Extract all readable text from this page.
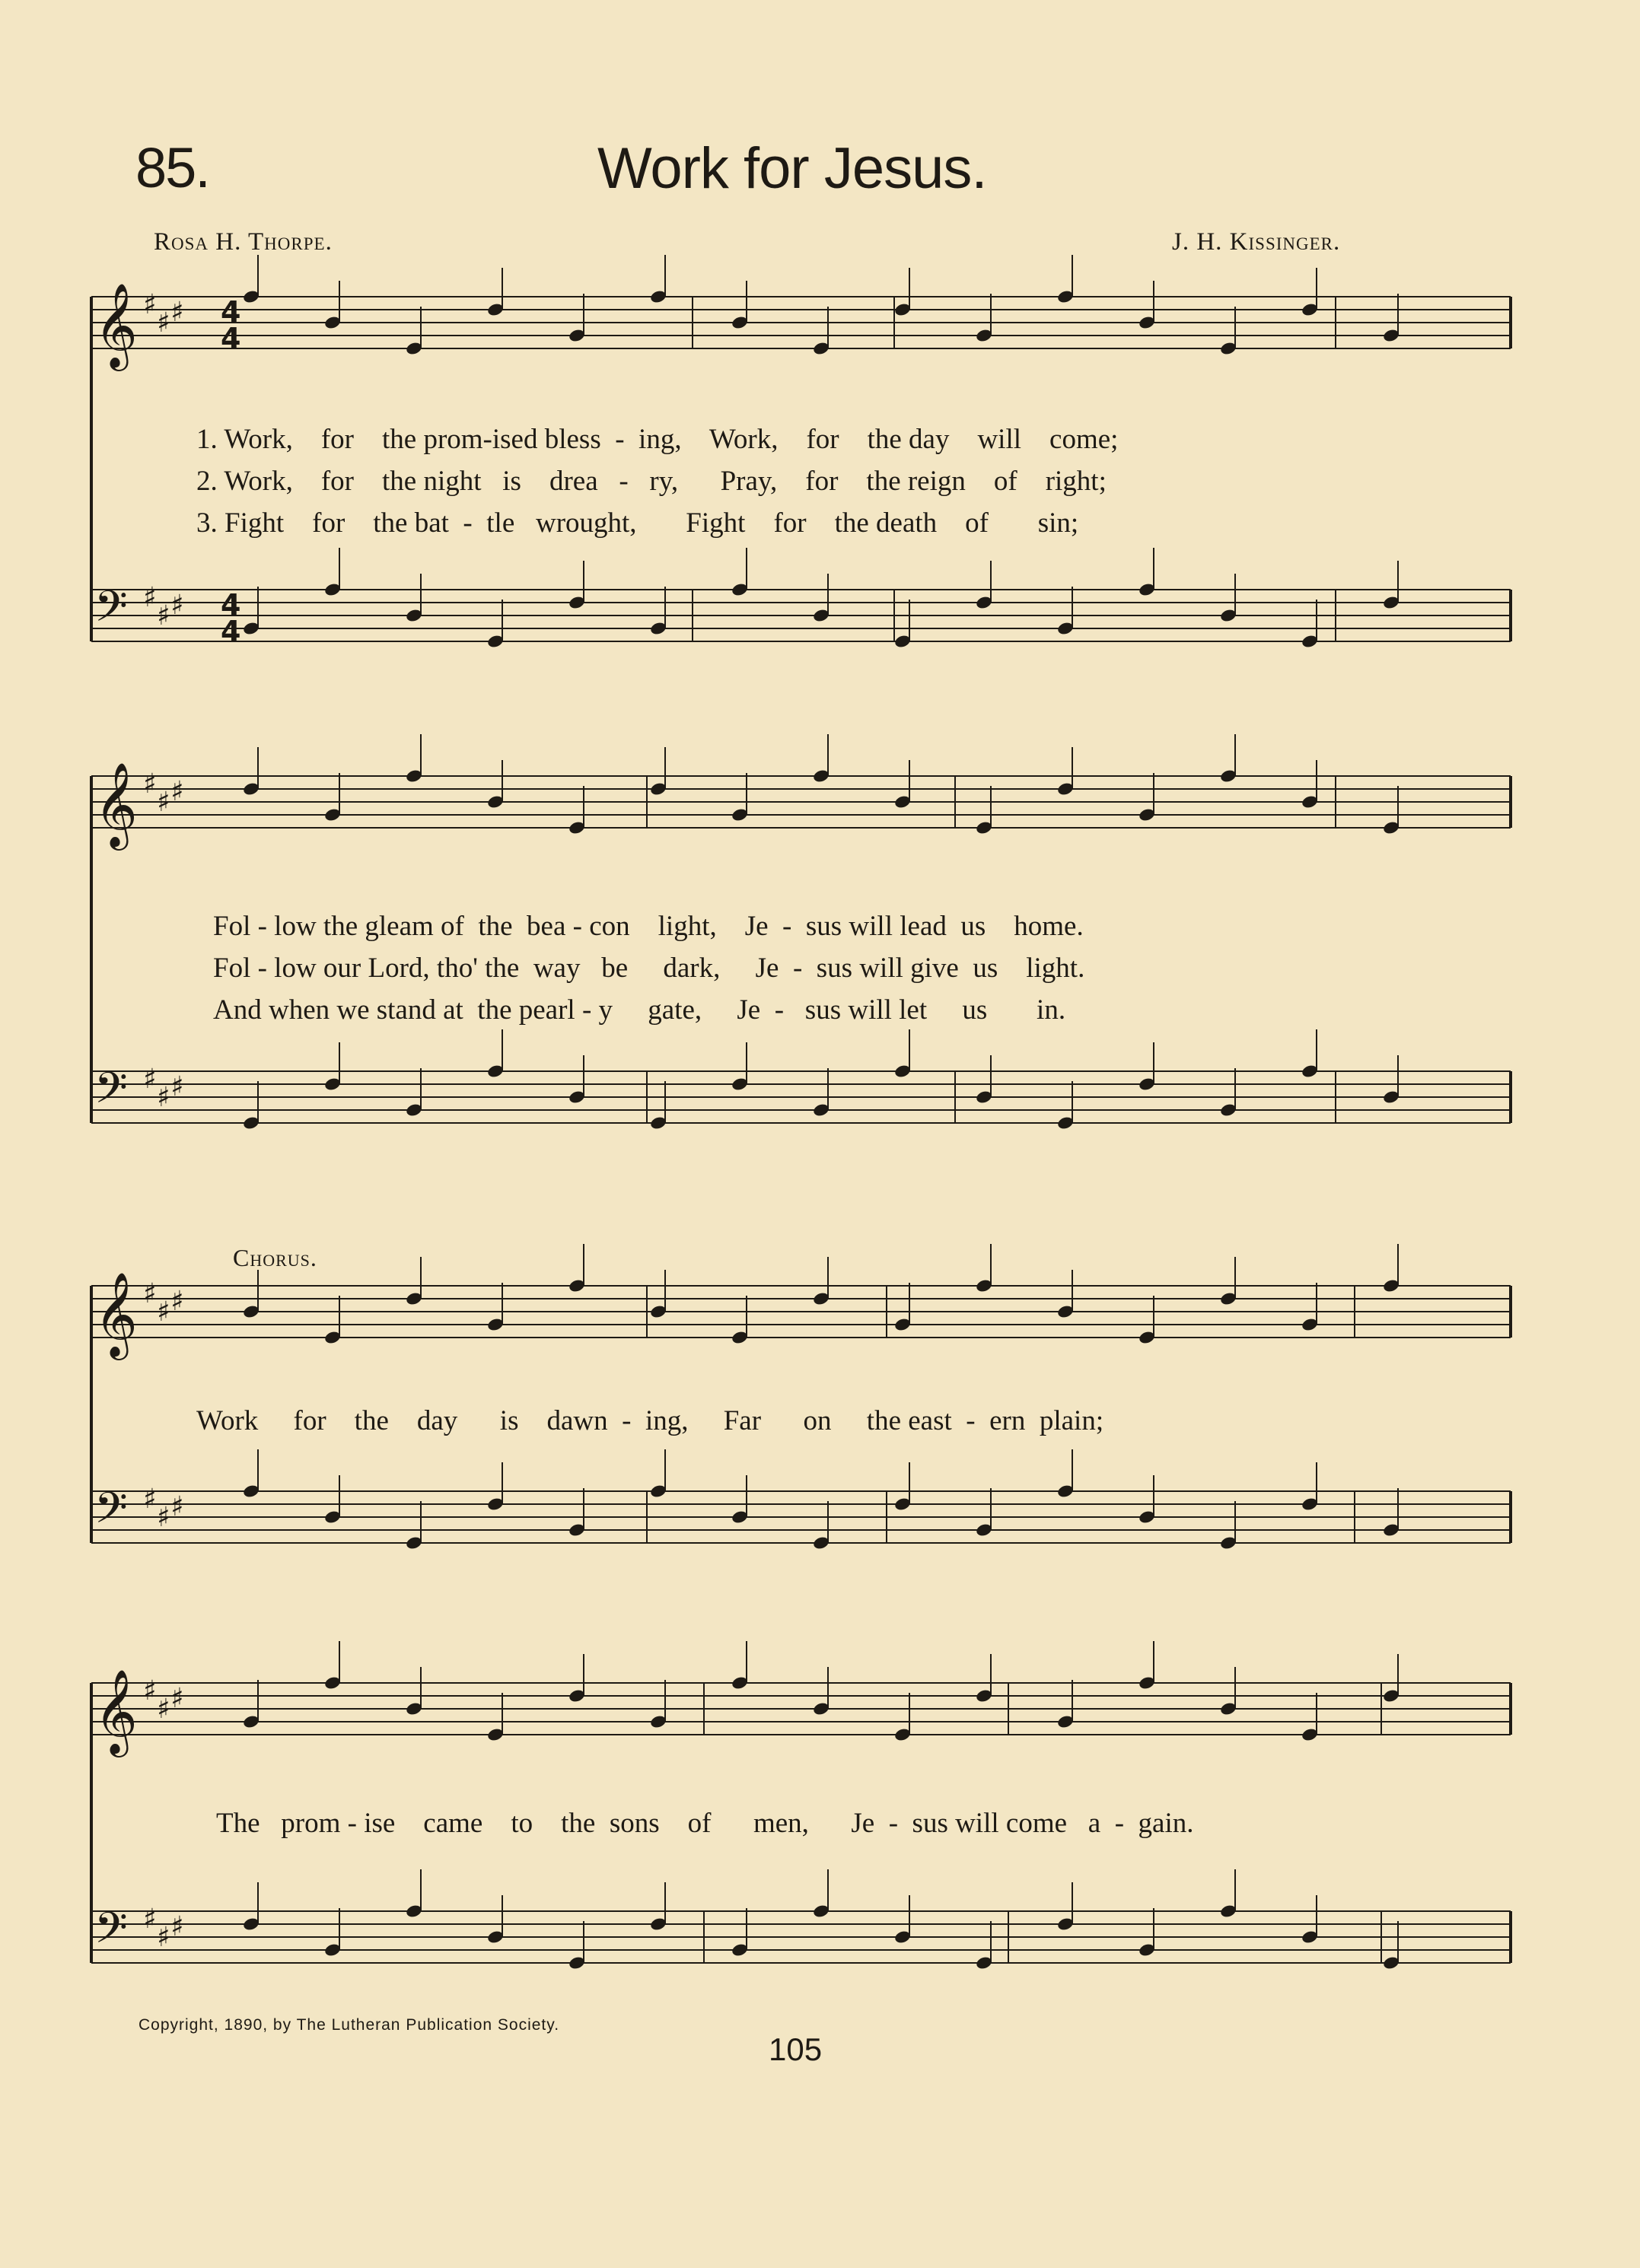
85.	Work for Jesus.
Rosa H. Thorpe.	J. H. Kissinger.
𝄞 ♯
♯ ♯
𝄢 ♯
♯ ♯
𝄞 ♯
♯ ♯
𝄢 ♯
♯ ♯
𝄞 ♯
♯ ♯
𝄢 ♯
♯ ♯
𝄞 ♯
♯ ♯
𝄢 ♯
♯ ♯
4
4
4
4
1. Work,    for    the prom-ised bless  -  ing,    Work,    for    the day    will    come;
2. Work,    for    the night   is    drea   -   ry,      Pray,    for    the reign    of    right;
3. Fight    for    the bat  -  tle   wrought,       Fight    for    the death    of       sin;
Fol - low the gleam of  the  bea - con    light,    Je  -  sus will lead  us    home.
Fol - low our Lord, tho' the  way   be     dark,     Je  -  sus will give  us    light.
And when we stand at  the pearl - y     gate,     Je  -   sus will let     us       in.
Chorus.
Work     for    the    day      is    dawn  -  ing,     Far      on     the east  -  ern  plain;
The   prom - ise    came    to    the  sons    of      men,      Je  -  sus will come   a  -  gain.
Copyright, 1890, by The Lutheran Publication Society.
105
